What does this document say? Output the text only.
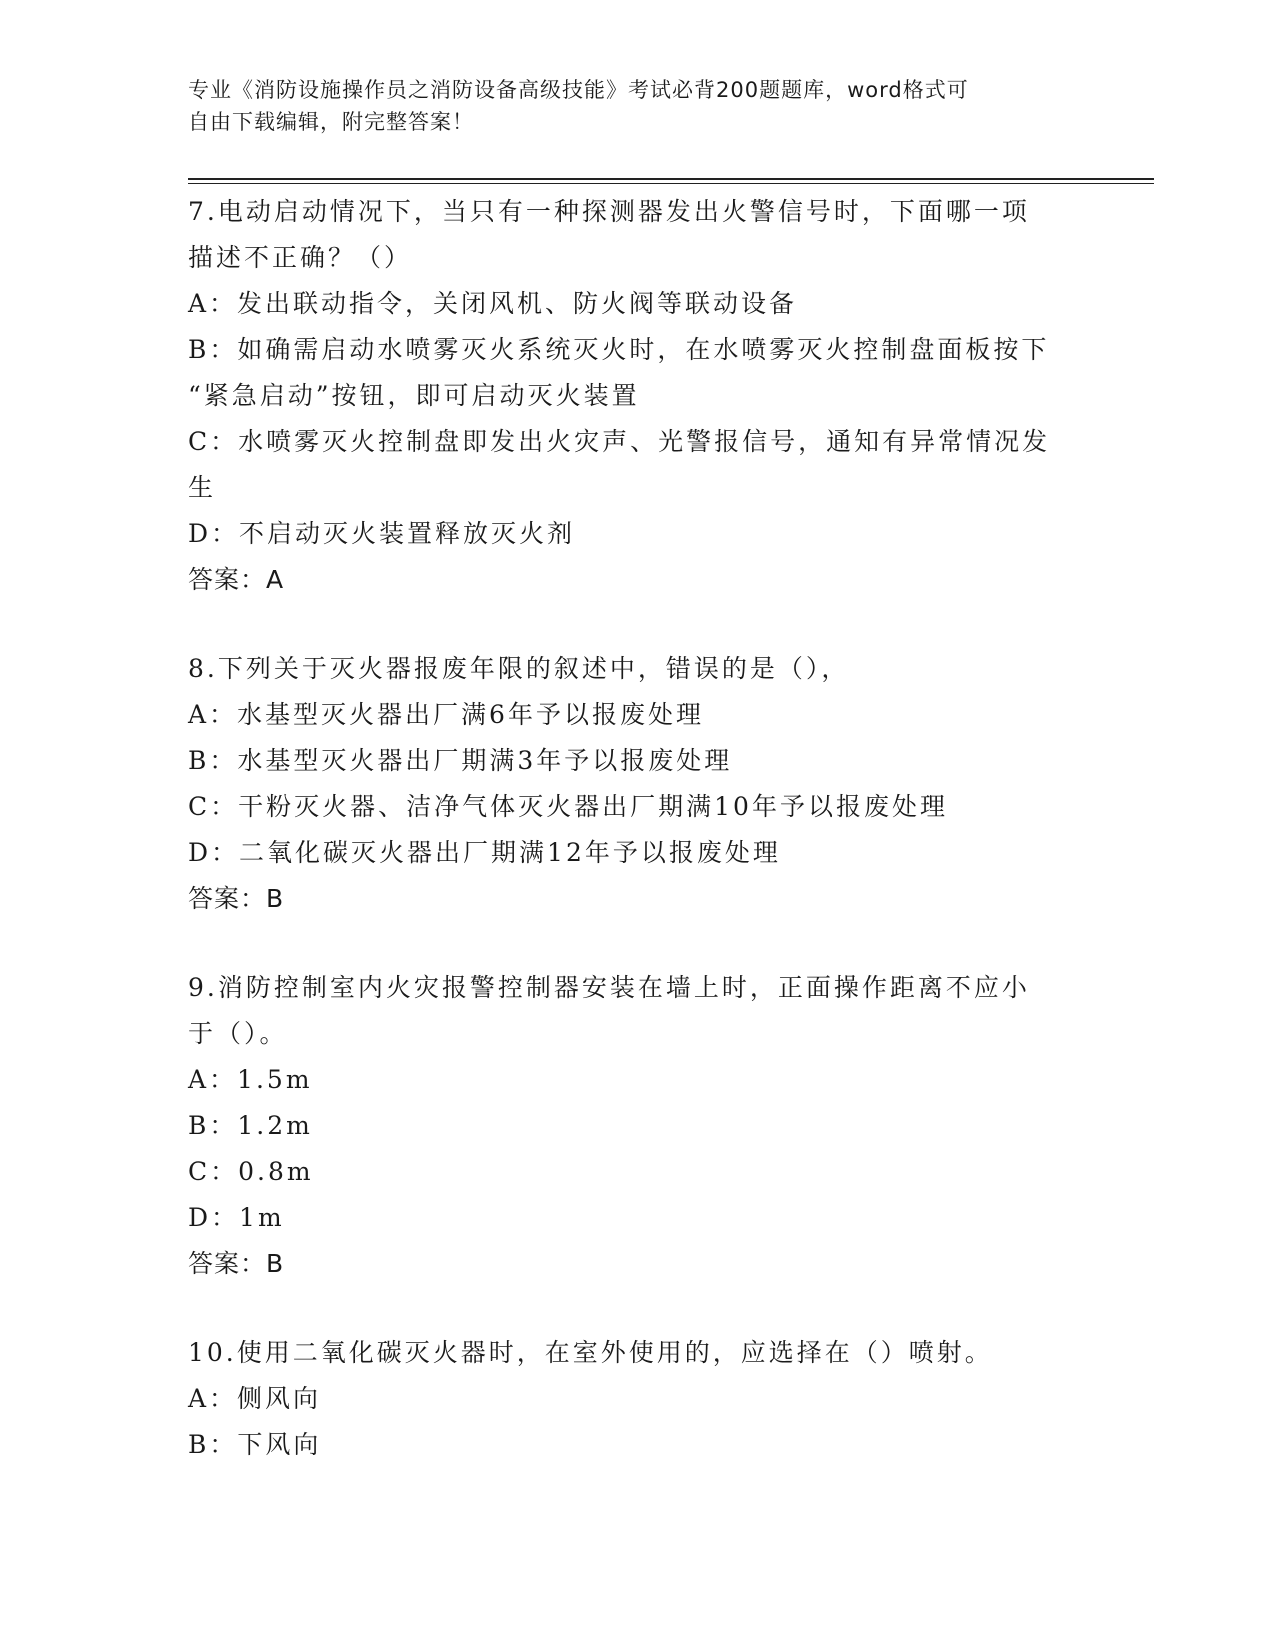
专业《消防设施操作员之消防设备高级技能》考试必背200题题库，word格式可
自由下载编辑，附完整答案！
7.电动启动情况下，当只有一种探测器发出火警信号时，下面哪一项
描述不正确？（）
A：发出联动指令，关闭风机、防火阀等联动设备
B：如确需启动水喷雾灭火系统灭火时，在水喷雾灭火控制盘面板按下
“紧急启动”按钮，即可启动灭火装置
C：水喷雾灭火控制盘即发出火灾声、光警报信号，通知有异常情况发
生
D：不启动灭火装置释放灭火剂
答案：A
8.下列关于灭火器报废年限的叙述中，错误的是（），
A：水基型灭火器出厂满6年予以报废处理
B：水基型灭火器出厂期满3年予以报废处理
C：干粉灭火器、洁净气体灭火器出厂期满10年予以报废处理
D：二氧化碳灭火器出厂期满12年予以报废处理
答案：B
9.消防控制室内火灾报警控制器安装在墙上时，正面操作距离不应小
于（）。
A：1.5m
B：1.2m
C：0.8m
D：1m
答案：B
10.使用二氧化碳灭火器时，在室外使用的，应选择在（）喷射。
A：侧风向
B：下风向
